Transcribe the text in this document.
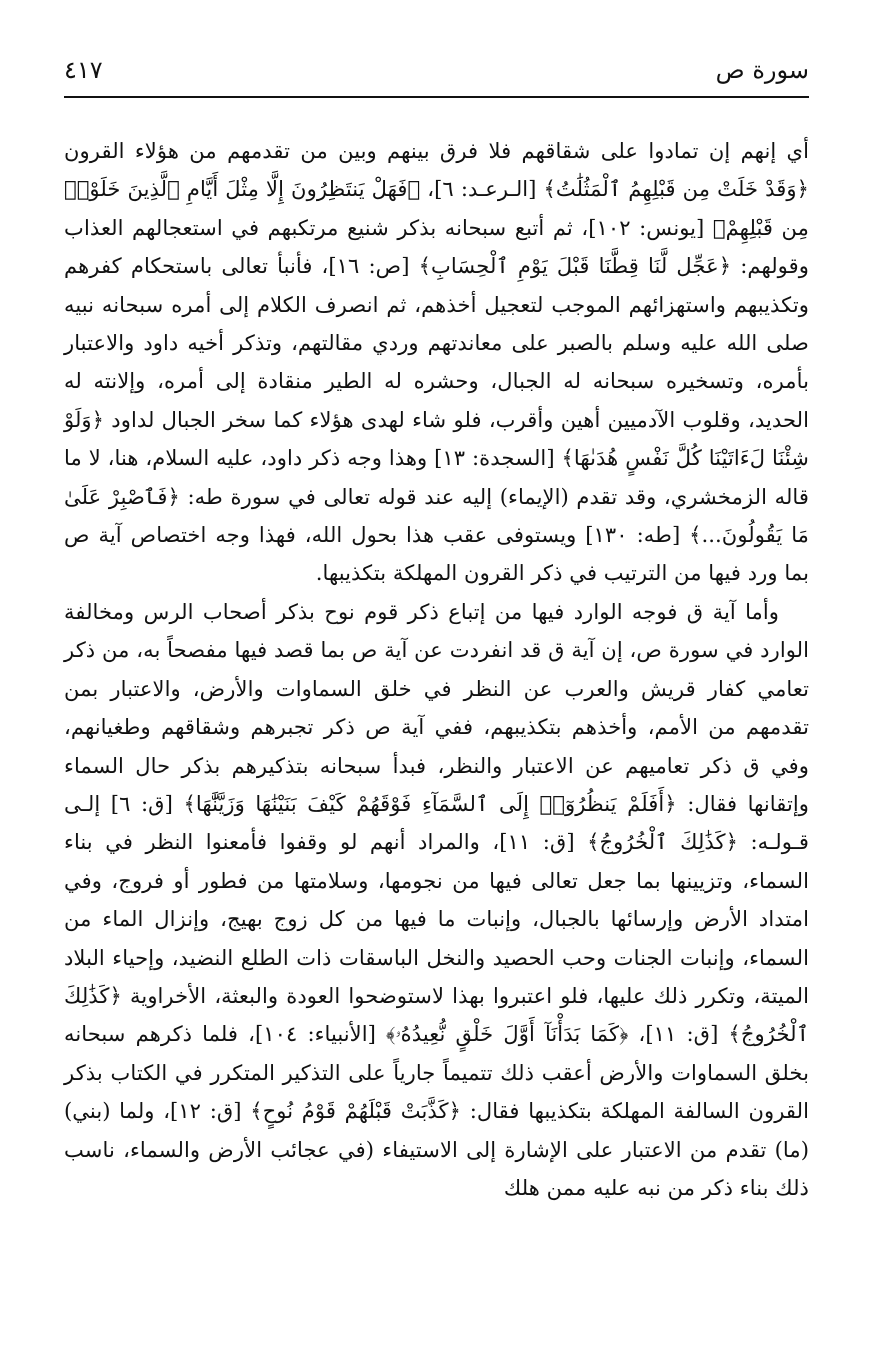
سورة ص
٤١٧

أي إنهم إن تمادوا على شقاقهم فلا فرق بينهم وبين من تقدمهم من هؤلاء القرون ﴿وَقَدْ خَلَتْ مِن قَبْلِهِمُ ٱلْمَثُلَٰتُ﴾ [الـرعـد: ٦]، ﴿فَهَلْ يَنتَظِرُونَ إِلَّا مِثْلَ أَيَّامِ ٱلَّذِينَ خَلَوْا۟ مِن قَبْلِهِمْ﴾ [يونس: ١٠٢]، ثم أتبع سبحانه بذكر شنيع مرتكبهم في استعجالهم العذاب وقولهم: ﴿عَجِّل لَّنَا قِطَّنَا قَبْلَ يَوْمِ ٱلْحِسَابِ﴾ [ص: ١٦]، فأنبأ تعالى باستحكام كفرهم وتكذيبهم واستهزائهم الموجب لتعجيل أخذهم، ثم انصرف الكلام إلى أمره سبحانه نبيه صلى الله عليه وسلم بالصبر على معاندتهم وردي مقالتهم، وتذكر أخيه داود والاعتبار بأمره، وتسخيره سبحانه له الجبال، وحشره له الطير منقادة إلى أمره، وإلانته له الحديد، وقلوب الآدميين أهين وأقرب، فلو شاء لهدى هؤلاء كما سخر الجبال لداود ﴿وَلَوْ شِئْنَا لَءَاتَيْنَا كُلَّ نَفْسٍ هُدَىٰهَا﴾ [السجدة: ١٣] وهذا وجه ذكر داود، عليه السلام، هنا، لا ما قاله الزمخشري، وقد تقدم (الإيماء) إليه عند قوله تعالى في سورة طه: ﴿فَٱصْبِرْ عَلَىٰ مَا يَقُولُونَ...﴾ [طه: ١٣٠] ويستوفى عقب هذا بحول الله، فهذا وجه اختصاص آية ص بما ورد فيها من الترتيب في ذكر القرون المهلكة بتكذيبها.

وأما آية ق فوجه الوارد فيها من إتباع ذكر قوم نوح بذكر أصحاب الرس ومخالفة الوارد في سورة ص، إن آية ق قد انفردت عن آية ص بما قصد فيها مفصحاً به، من ذكر تعامي كفار قريش والعرب عن النظر في خلق السماوات والأرض، والاعتبار بمن تقدمهم من الأمم، وأخذهم بتكذيبهم، ففي آية ص ذكر تجبرهم وشقاقهم وطغيانهم، وفي ق ذكر تعاميهم عن الاعتبار والنظر، فبدأ سبحانه بتذكيرهم بذكر حال السماء وإتقانها فقال: ﴿أَفَلَمْ يَنظُرُوٓا۟ إِلَى ٱلسَّمَآءِ فَوْقَهُمْ كَيْفَ بَنَيْنَٰهَا وَزَيَّنَّٰهَا﴾ [ق: ٦] إلـى قـولـه: ﴿كَذَٰلِكَ ٱلْخُرُوجُ﴾ [ق: ١١]، والمراد أنهم لو وقفوا فأمعنوا النظر في بناء السماء، وتزيينها بما جعل تعالى فيها من نجومها، وسلامتها من فطور أو فروج، وفي امتداد الأرض وإرسائها بالجبال، وإنبات ما فيها من كل زوج بهيج، وإنزال الماء من السماء، وإنبات الجنات وحب الحصيد والنخل الباسقات ذات الطلع النضيد، وإحياء البلاد الميتة، وتكرر ذلك عليها، فلو اعتبروا بهذا لاستوضحوا العودة والبعثة، الأخراوية ﴿كَذَٰلِكَ ٱلْخُرُوجُ﴾ [ق: ١١]، ﴿كَمَا بَدَأْنَآ أَوَّلَ خَلْقٍ نُّعِيدُهُۥ﴾ [الأنبياء: ١٠٤]، فلما ذكرهم سبحانه بخلق السماوات والأرض أعقب ذلك تتميماً جارياً على التذكير المتكرر في الكتاب بذكر القرون السالفة المهلكة بتكذيبها فقال: ﴿كَذَّبَتْ قَبْلَهُمْ قَوْمُ نُوحٍ﴾ [ق: ١٢]، ولما (بني) (ما) تقدم من الاعتبار على الإشارة إلى الاستيفاء (في عجائب الأرض والسماء، ناسب ذلك بناء ذكر من نبه عليه ممن هلك
